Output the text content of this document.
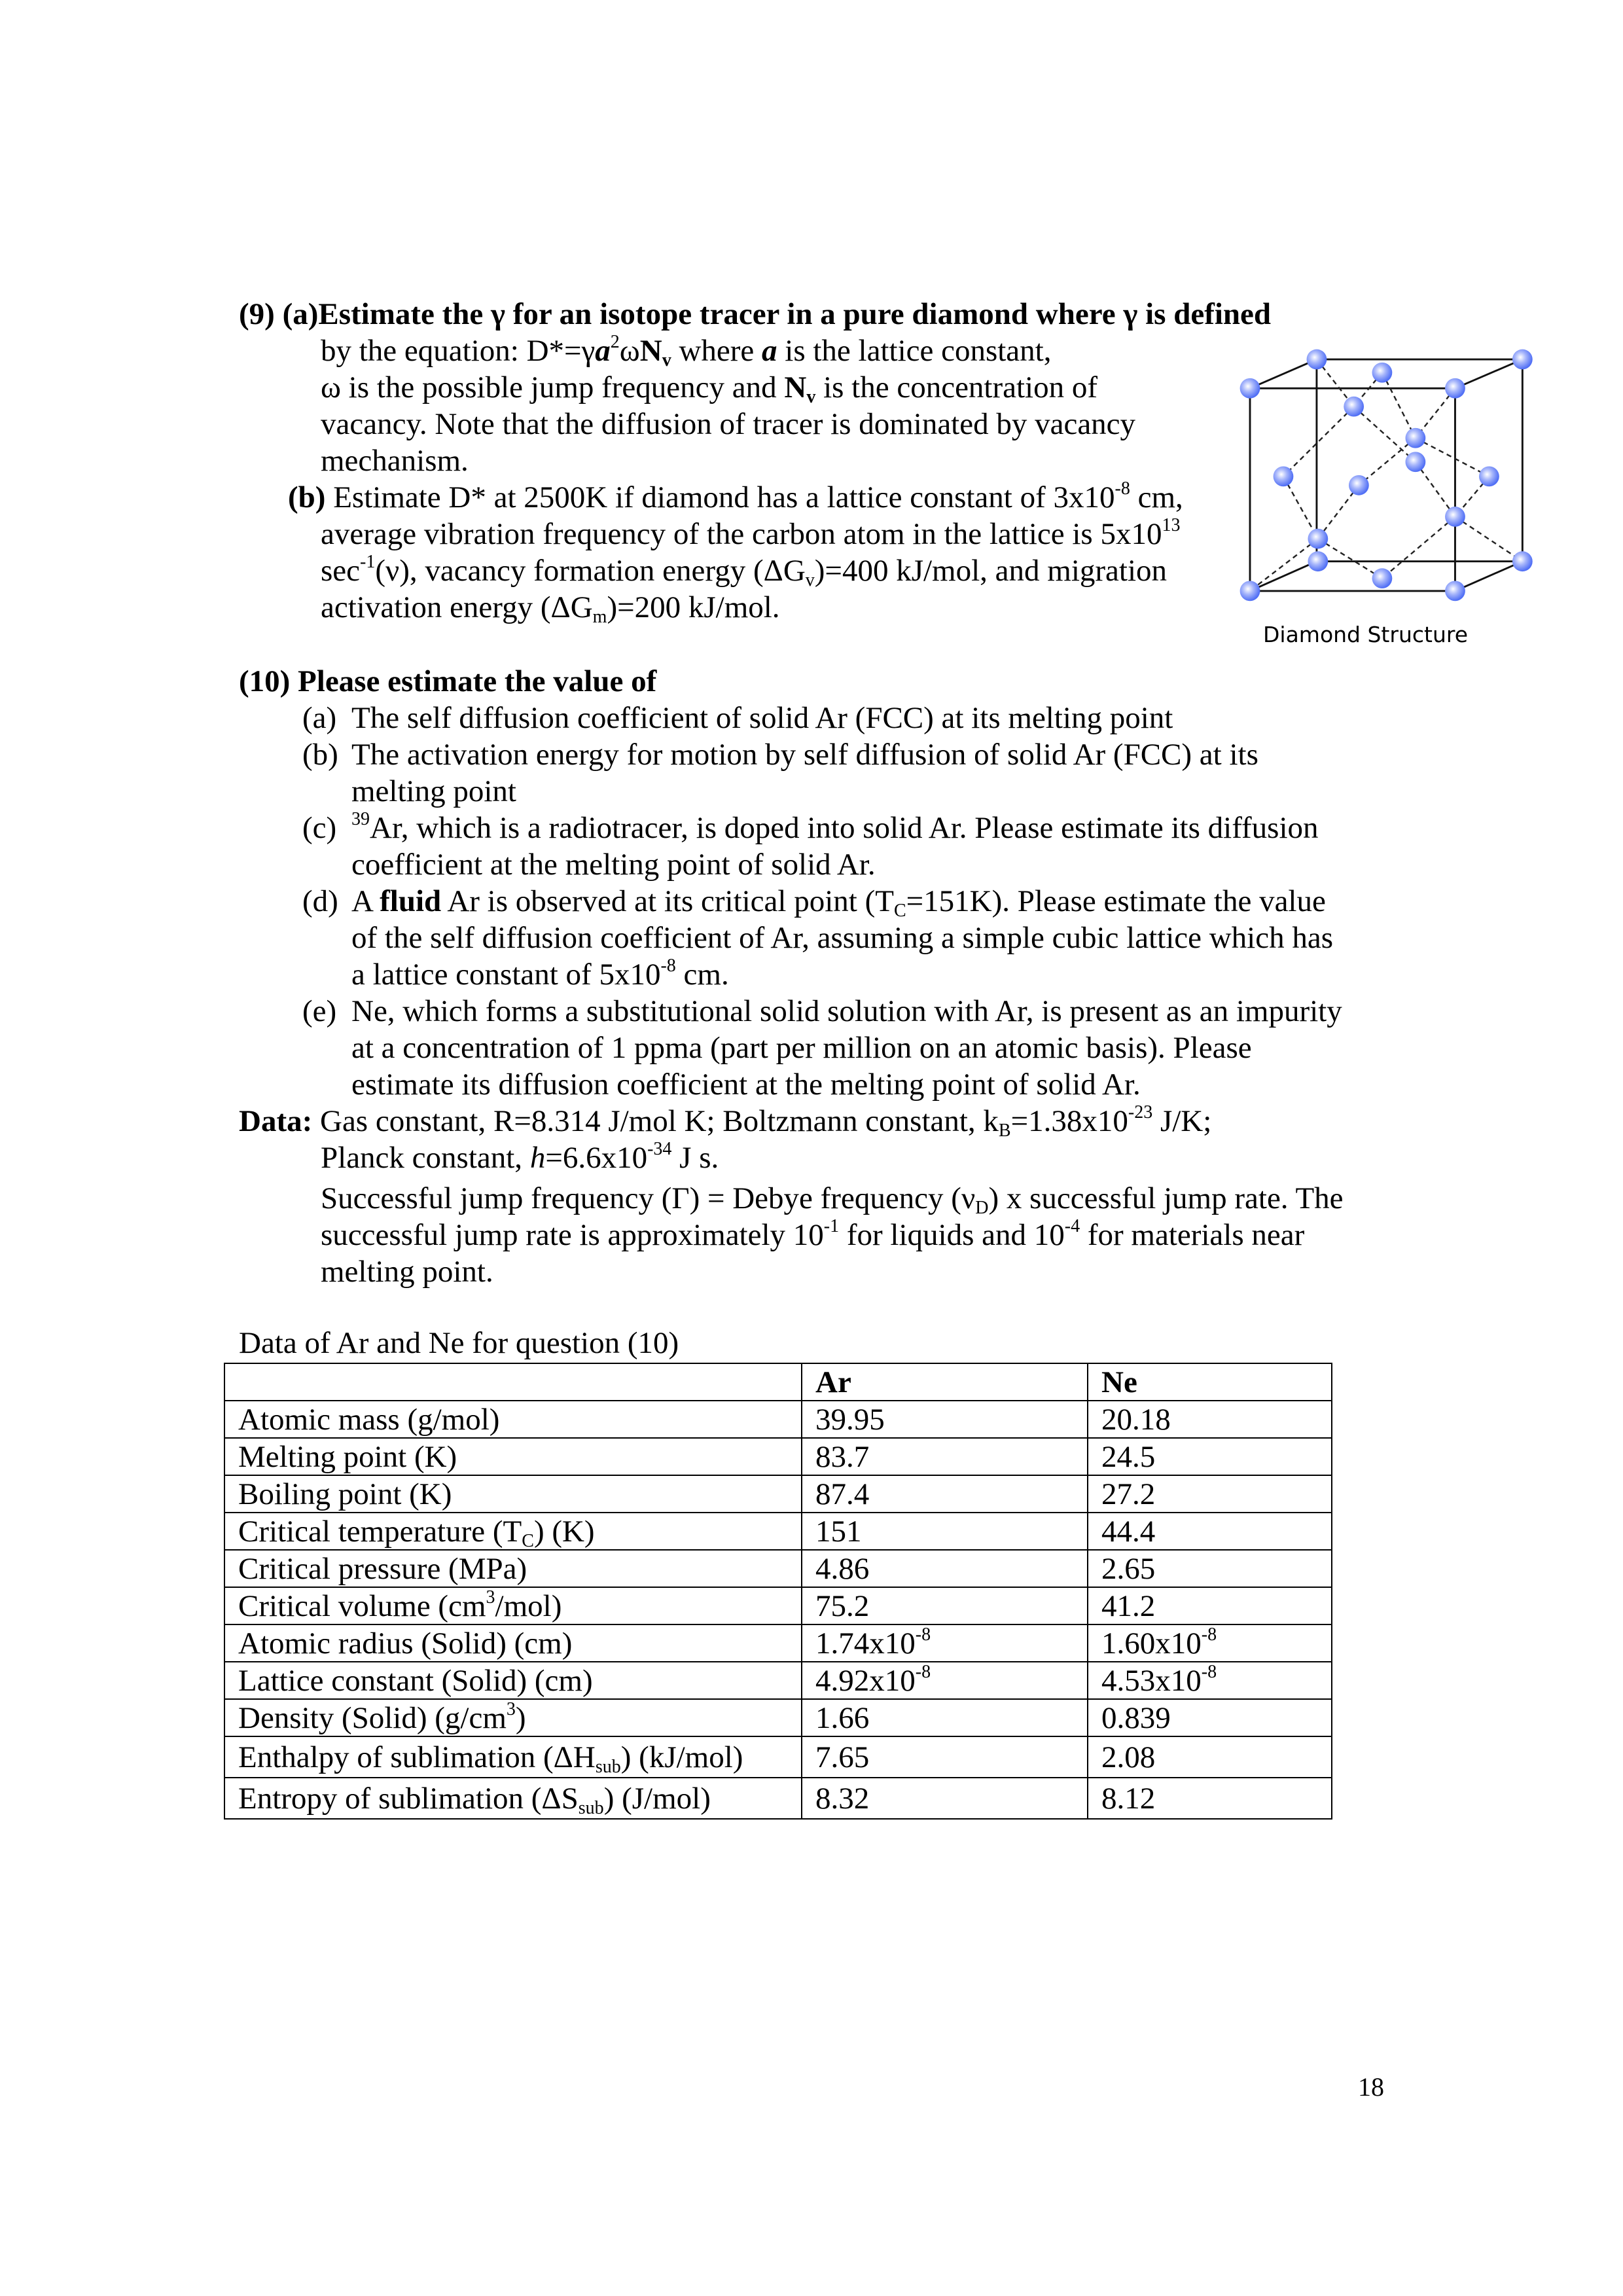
(9) (a)Estimate the γ for an isotope tracer in a pure diamond where γ is defined
by the equation: $D*=\gamma a^2\omega N_v$ where a is the lattice constant,
ω is the possible jump frequency and $N_v$ is the concentration of
vacancy. Note that the diffusion of tracer is dominated by vacancy
mechanism.
(b) Estimate D* at 2500K if diamond has a lattice constant of $3x10^{-8}$ cm,
average vibration frequency of the carbon atom in the lattice is $5x10^{13}$
$\sec^{-1}(\nu)$, vacancy formation energy $(\Delta G_v)=400$ kJ/mol, and migration
activation energy $(\Delta G_m)=200$ kJ/mol.
Diamond Structure
(10) Please estimate the value of
(a) The self diffusion coefficient of solid Ar (FCC) at its melting point
(b) The activation energy for motion by self diffusion of solid Ar (FCC) at its
melting point
(c) $^{39}$Ar, which is a radiotracer, is doped into solid Ar. Please estimate its diffusion
coefficient at the melting point of solid Ar.
(d) A fluid Ar is observed at its critical point $(T_C=151K)$. Please estimate the value
of the self diffusion coefficient of Ar, assuming a simple cubic lattice which has
a lattice constant of $5x10^{-8}$ cm.
(e) Ne, which forms a substitutional solid solution with Ar, is present as an impurity
at a concentration of 1 ppma (part per million on an atomic basis). Please
estimate its diffusion coefficient at the melting point of solid Ar.
Data: Gas constant, R=8.314 J/mol K; Boltzmann constant, $k_B=1.38x10^{-23}$ J/K;
Planck constant, $h=6.6x10^{-34}$ J s.
Successful jump frequency (Γ) = Debye frequency $(\nu_D)$ x successful jump rate. The
successful jump rate is approximately $10^{-1}$ for liquids and $10^{-4}$ for materials near
melting point.
Data of Ar and Ne for question (10)
	Ar	Ne
Atomic mass (g/mol)	39.95	20.18
Melting point (K)	83.7	24.5
Boiling point (K)	87.4	27.2
Critical temperature $(T_C)$ (K)	151	44.4
Critical pressure (MPa)	4.86	2.65
Critical volume $(cm^3/mol)$	75.2	41.2
Atomic radius (Solid) (cm)	$1.74x10^{-8}$	$1.60x10^{-8}$
Lattice constant (Solid) (cm)	$4.92x10^{-8}$	$4.53x10^{-8}$
Density (Solid) $(g/cm^3)$	1.66	0.839
Enthalpy of sublimation $(\Delta H_{sub})$ (kJ/mol)	7.65	2.08
Entropy of sublimation $(\Delta S_{sub})$ (J/mol)	8.32	8.12
18
